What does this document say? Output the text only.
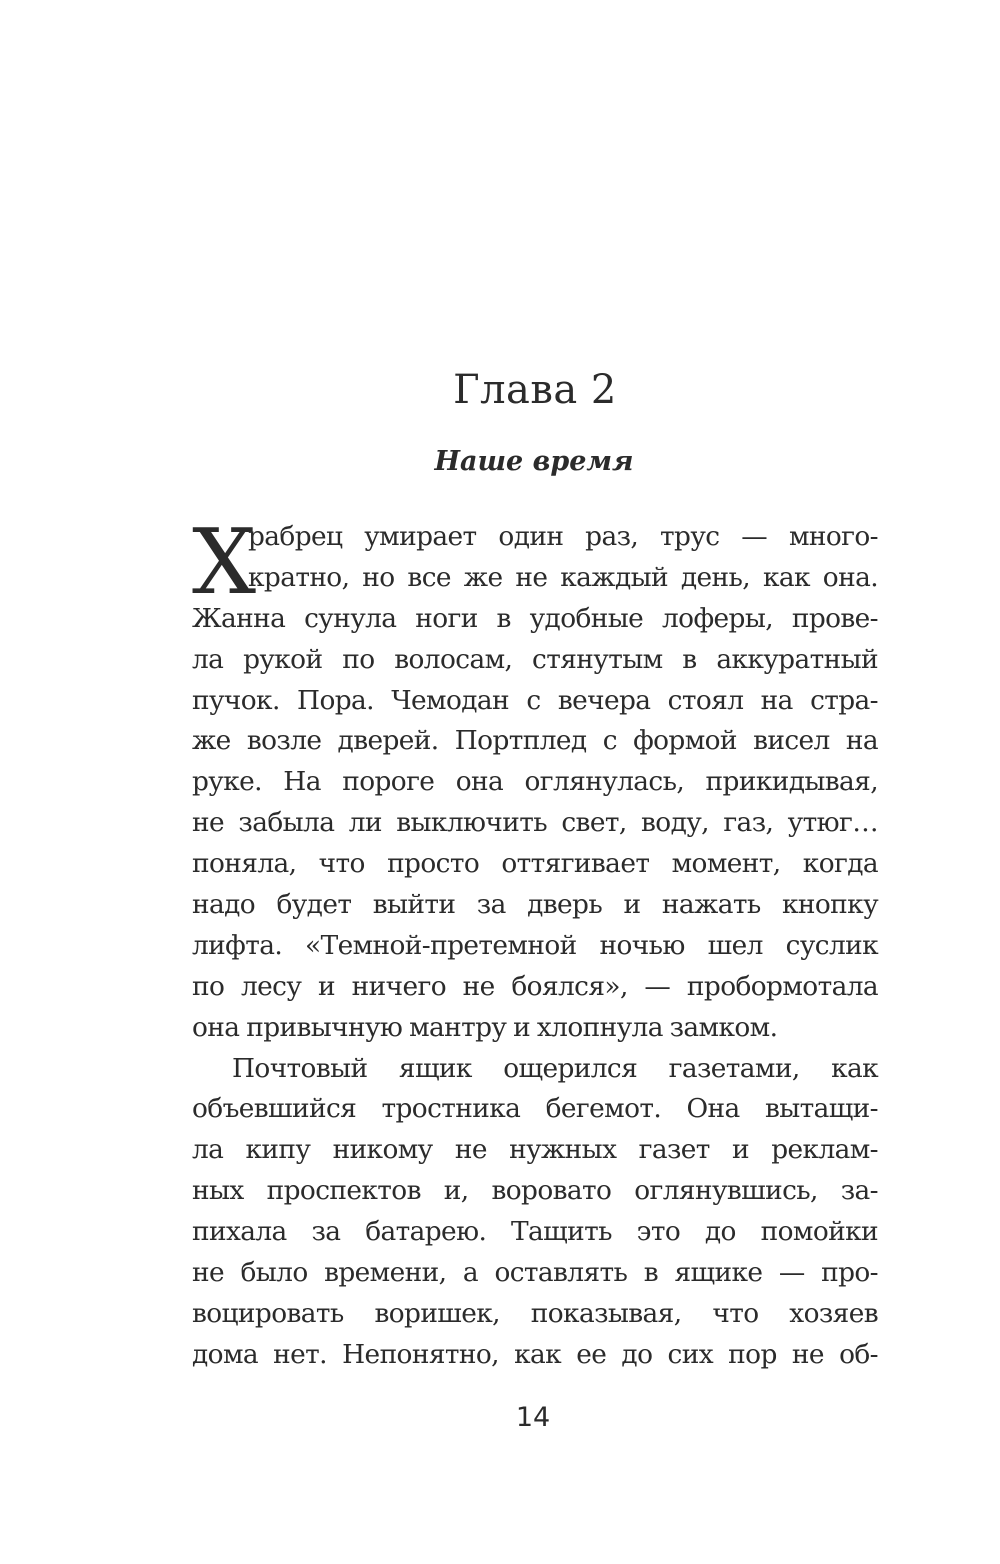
Глава 2
Наше время
Х
рабрец умирает один раз, трус — много-
кратно, но все же не каждый день, как она.
Жанна сунула ноги в удобные лоферы, прове-
ла рукой по волосам, стянутым в аккуратный
пучок. Пора. Чемодан с вечера стоял на стра-
же возле дверей. Портплед с формой висел на
руке. На пороге она оглянулась, прикидывая,
не забыла ли выключить свет, воду, газ, утюг…
поняла, что просто оттягивает момент, когда
надо будет выйти за дверь и нажать кнопку
лифта. «Темной-претемной ночью шел суслик
по лесу и ничего не боялся», — пробормотала
она привычную мантру и хлопнула замком.
Почтовый ящик ощерился газетами, как
объевшийся тростника бегемот. Она вытащи-
ла кипу никому не нужных газет и реклам-
ных проспектов и, воровато оглянувшись, за-
пихала за батарею. Тащить это до помойки
не было времени, а оставлять в ящике — про-
воцировать воришек, показывая, что хозяев
дома нет. Непонятно, как ее до сих пор не об-
14
